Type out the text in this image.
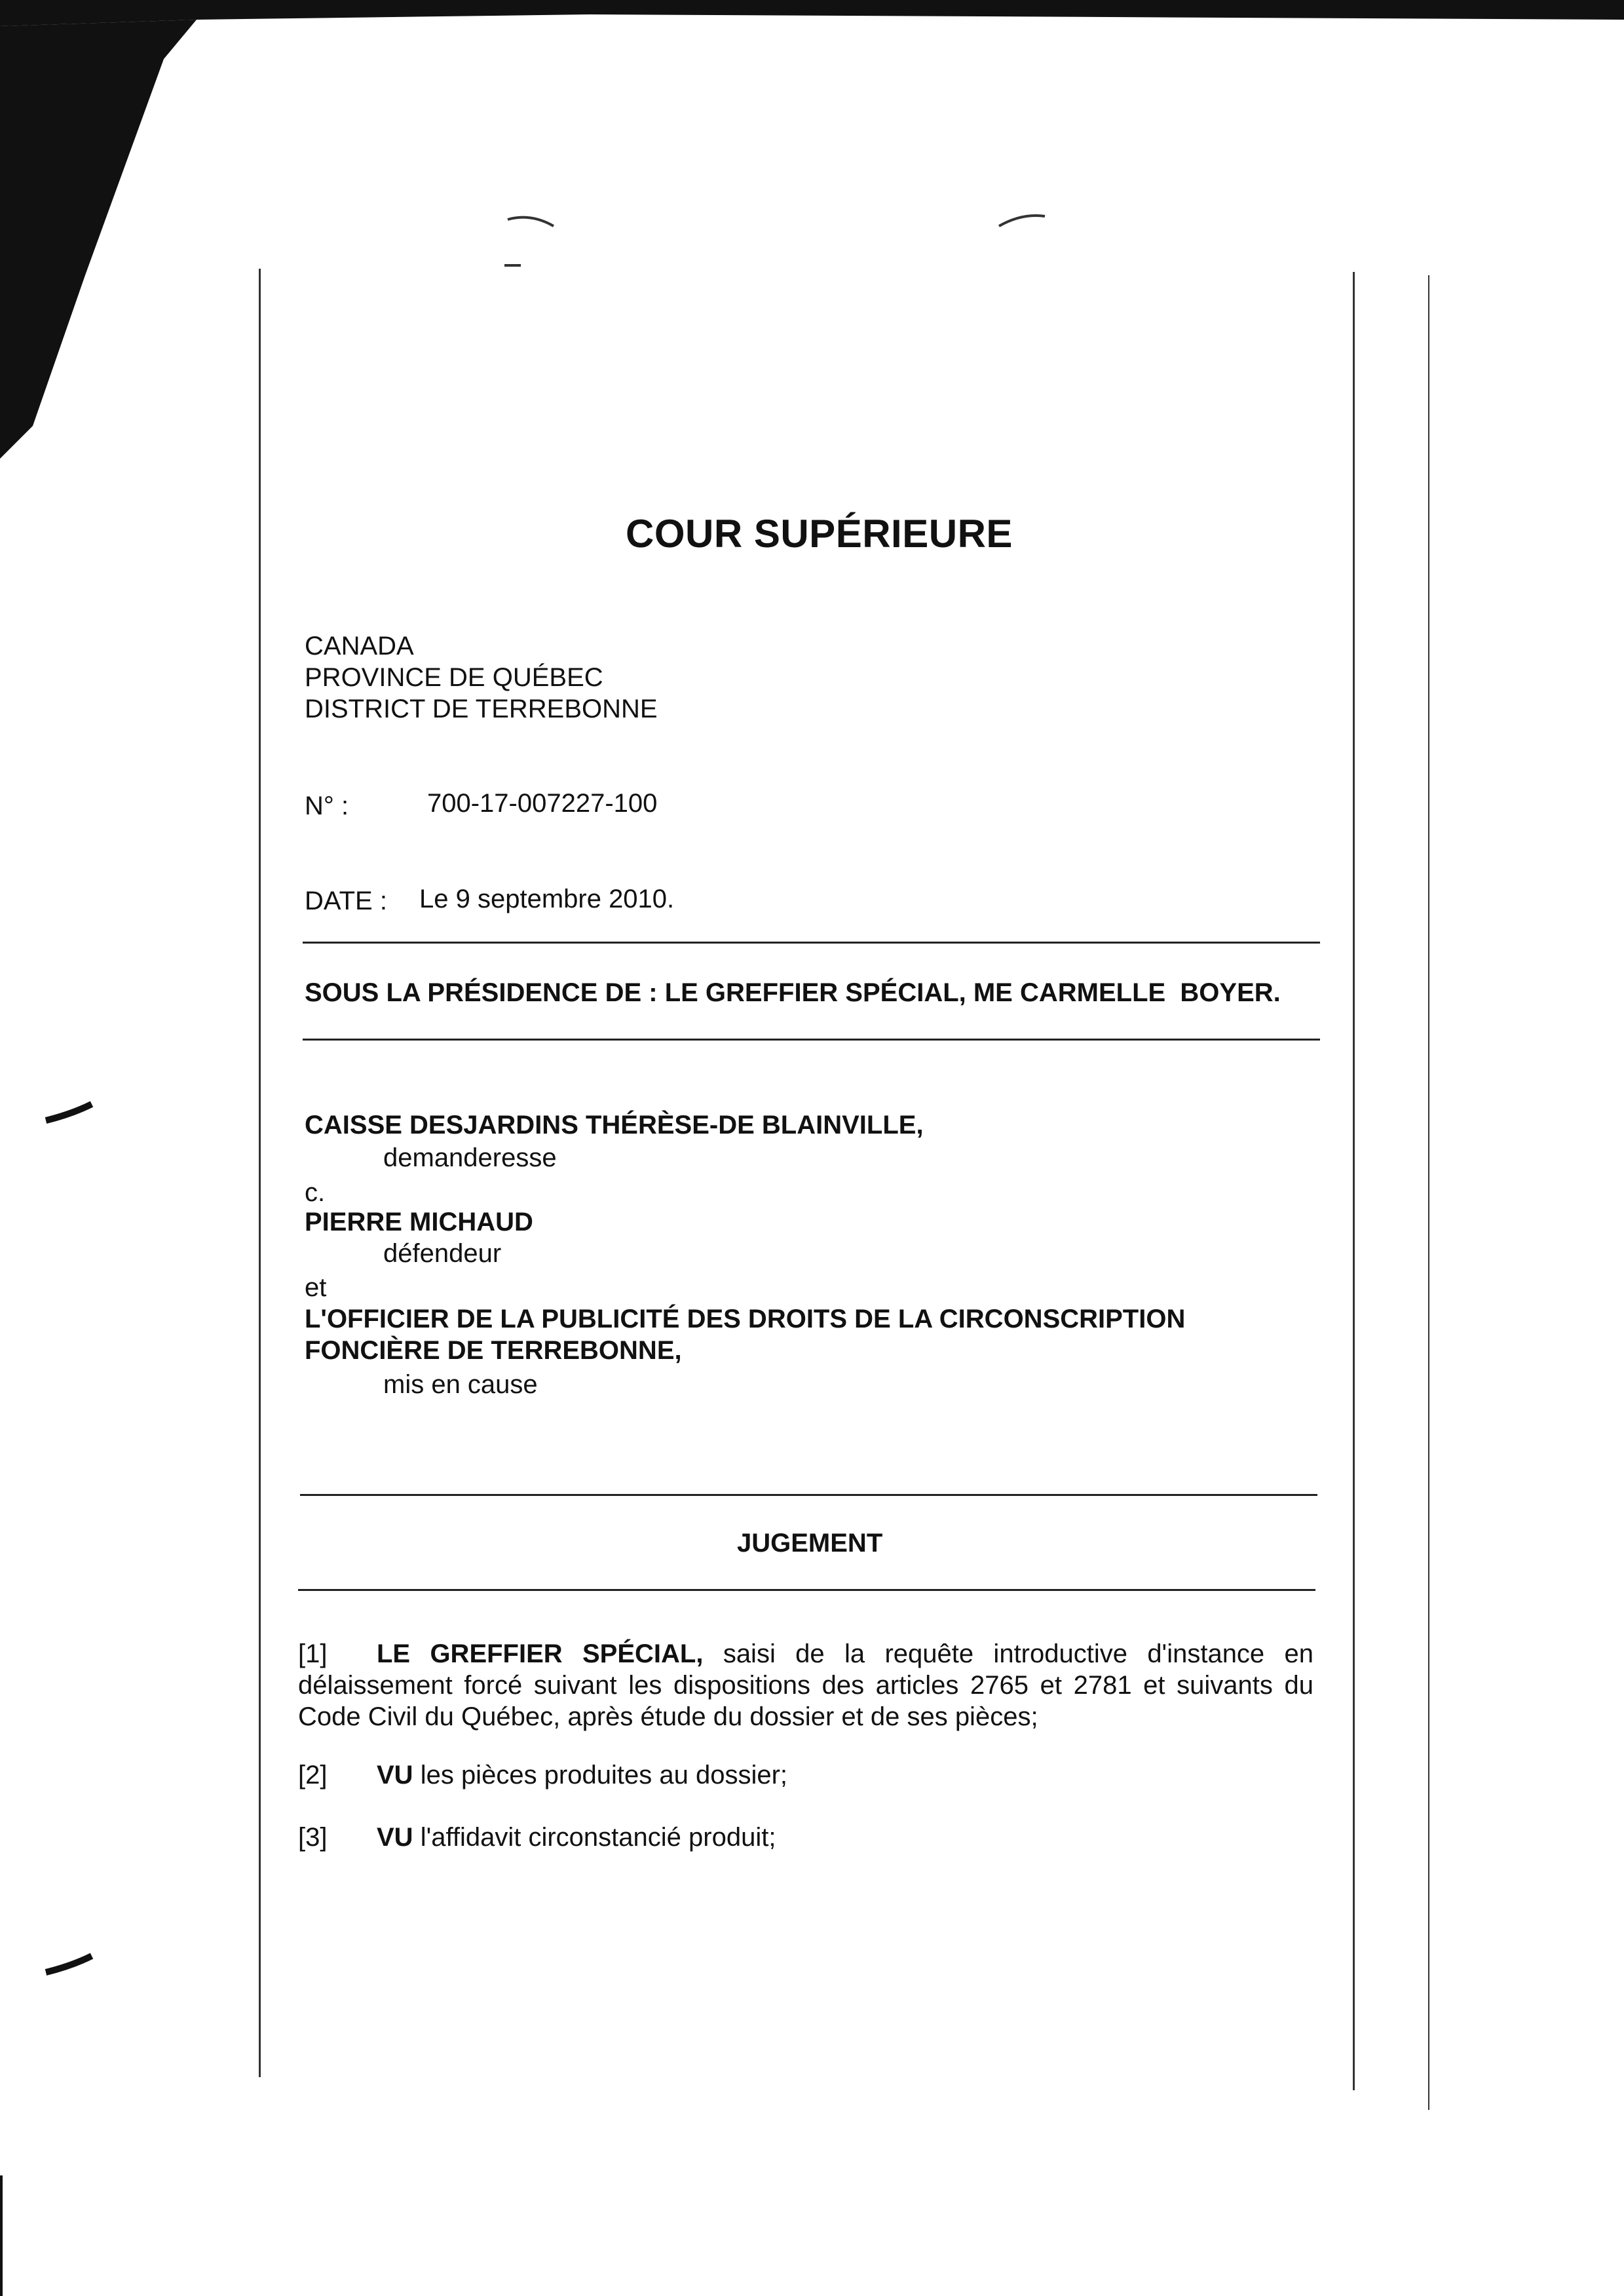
COUR SUPÉRIEURE
CANADA
PROVINCE DE QUÉBEC
DISTRICT DE TERREBONNE
N° :	700-17-007227-100
DATE : Le 9 septembre 2010.
SOUS LA PRÉSIDENCE DE : LE GREFFIER SPÉCIAL, ME CARMELLE  BOYER.
CAISSE DESJARDINS THÉRÈSE-DE BLAINVILLE,
demanderesse
c.
PIERRE MICHAUD
défendeur
et
L'OFFICIER DE LA PUBLICITÉ DES DROITS DE LA CIRCONSCRIPTION
FONCIÈRE DE TERREBONNE,
mis en cause
JUGEMENT
[1] LE GREFFIER SPÉCIAL, saisi de la requête introductive d'instance en délaissement forcé suivant les dispositions des articles 2765 et 2781 et suivants du Code Civil du Québec, après étude du dossier et de ses pièces;
[2] VU les pièces produites au dossier;
[3] VU l'affidavit circonstancié produit;
